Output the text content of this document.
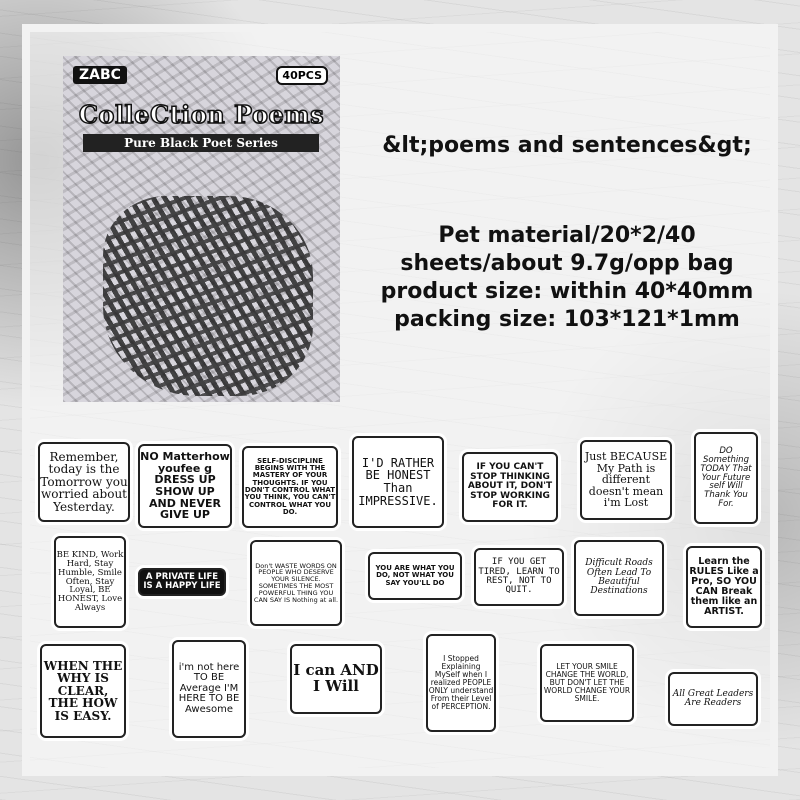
ZABC	40PCS
ColleCtion Poems
Pure Black Poet Series	&lt;poems and sentences&gt;
Pet material/20*2/40
sheets/about 9.7g/opp bag
product size: within 40*40mm
packing size: 103*121*1mm
Remember, today is the Tomorrow you worried about Yesterday.
NO Matterhow youfee g DRESS UP SHOW UP AND NEVER GIVE UP
SELF-DISCIPLINE BEGINS WITH THE MASTERY OF YOUR THOUGHTS. IF YOU DON'T CONTROL WHAT YOU THINK, YOU CAN'T CONTROL WHAT YOU DO.
I'D RATHER BE HONEST Than IMPRESSIVE.
IF YOU CAN'T STOP THINKING ABOUT IT, DON'T STOP WORKING FOR IT.
Just BECAUSE My Path is different doesn't mean i'm Lost
DO Something TODAY That Your Future self Will Thank You For.
BE KIND, Work Hard, Stay Humble, Smile Often, Stay Loyal, BE HONEST, Love Always
A PRIVATE LIFE IS A HAPPY LIFE
Don't WASTE WORDS ON PEOPLE WHO DESERVE YOUR SILENCE. SOMETIMES THE MOST POWERFUL THING YOU CAN SAY IS Nothing at all.
YOU ARE WHAT YOU DO, NOT WHAT YOU SAY YOU'LL DO
IF YOU GET TIRED, LEARN TO REST, NOT TO QUIT.
Difficult Roads Often Lead To Beautiful Destinations
Learn the RULES Like a Pro, SO YOU CAN Break them like an ARTIST.
WHEN THE WHY IS CLEAR, THE HOW IS EASY.
i'm not here TO BE Average I'M HERE TO BE Awesome
I can AND I Will
I Stopped Explaining MySelf when I realized PEOPLE ONLY understand From their Level of PERCEPTION.
LET YOUR SMILE CHANGE THE WORLD, BUT DON'T LET THE WORLD CHANGE YOUR SMILE.	All Great Leaders Are Readers
